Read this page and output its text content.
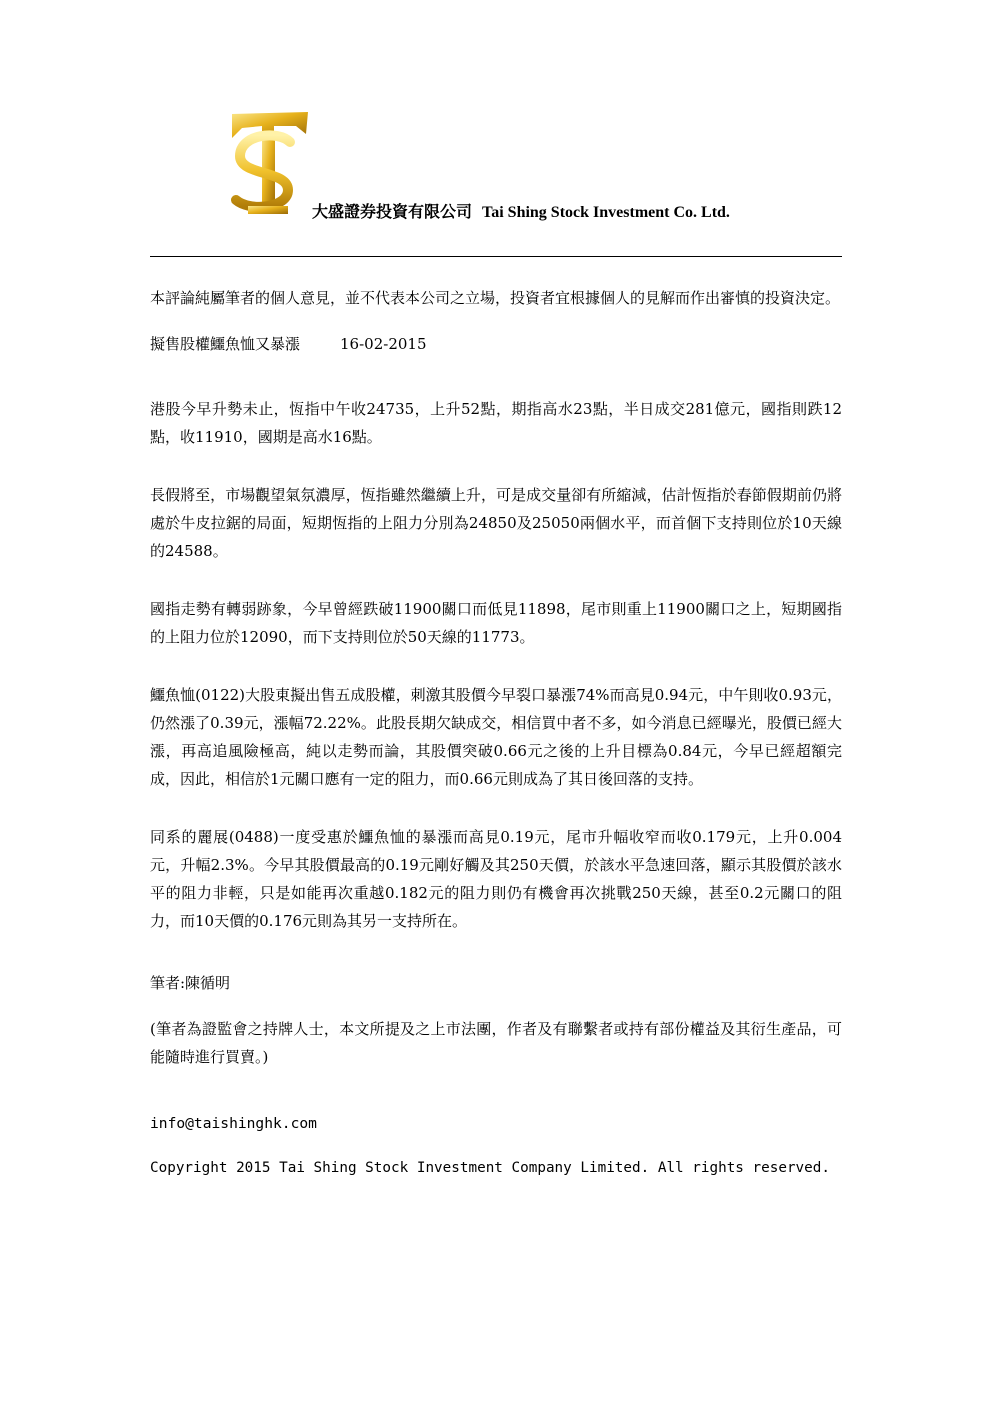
大盛證券投資有限公司 Tai Shing Stock Investment Co. Ltd.

本評論純屬筆者的個人意見，並不代表本公司之立場，投資者宜根據個人的見解而作出審慎的投資決定。

擬售股權鱷魚恤又暴漲	16-02-2015

港股今早升勢未止，恆指中午收24735，上升52點，期指高水23點，半日成交281億元，國指則跌12點，收11910，國期是高水16點。

長假將至，市場觀望氣氛濃厚，恆指雖然繼續上升，可是成交量卻有所縮減，估計恆指於春節假期前仍將處於牛皮拉鋸的局面，短期恆指的上阻力分別為24850及25050兩個水平，而首個下支持則位於10天線的24588。

國指走勢有轉弱跡象，今早曾經跌破11900關口而低見11898，尾市則重上11900關口之上，短期國指的上阻力位於12090，而下支持則位於50天線的11773。

鱷魚恤(0122)大股東擬出售五成股權，刺激其股價今早裂口暴漲74%而高見0.94元，中午則收0.93元，仍然漲了0.39元，漲幅72.22%。此股長期欠缺成交，相信買中者不多，如今消息已經曝光，股價已經大漲，再高追風險極高，純以走勢而論，其股價突破0.66元之後的上升目標為0.84元，今早已經超額完成，因此，相信於1元關口應有一定的阻力，而0.66元則成為了其日後回落的支持。

同系的麗展(0488)一度受惠於鱷魚恤的暴漲而高見0.19元，尾市升幅收窄而收0.179元，上升0.004元，升幅2.3%。今早其股價最高的0.19元剛好觸及其250天價，於該水平急速回落，顯示其股價於該水平的阻力非輕，只是如能再次重越0.182元的阻力則仍有機會再次挑戰250天線，甚至0.2元關口的阻力，而10天價的0.176元則為其另一支持所在。

筆者:陳循明

(筆者為證監會之持牌人士，本文所提及之上市法團，作者及有聯繫者或持有部份權益及其衍生產品，可能隨時進行買賣。)

info@taishinghk.com

Copyright 2015 Tai Shing Stock Investment Company Limited. All rights reserved.
